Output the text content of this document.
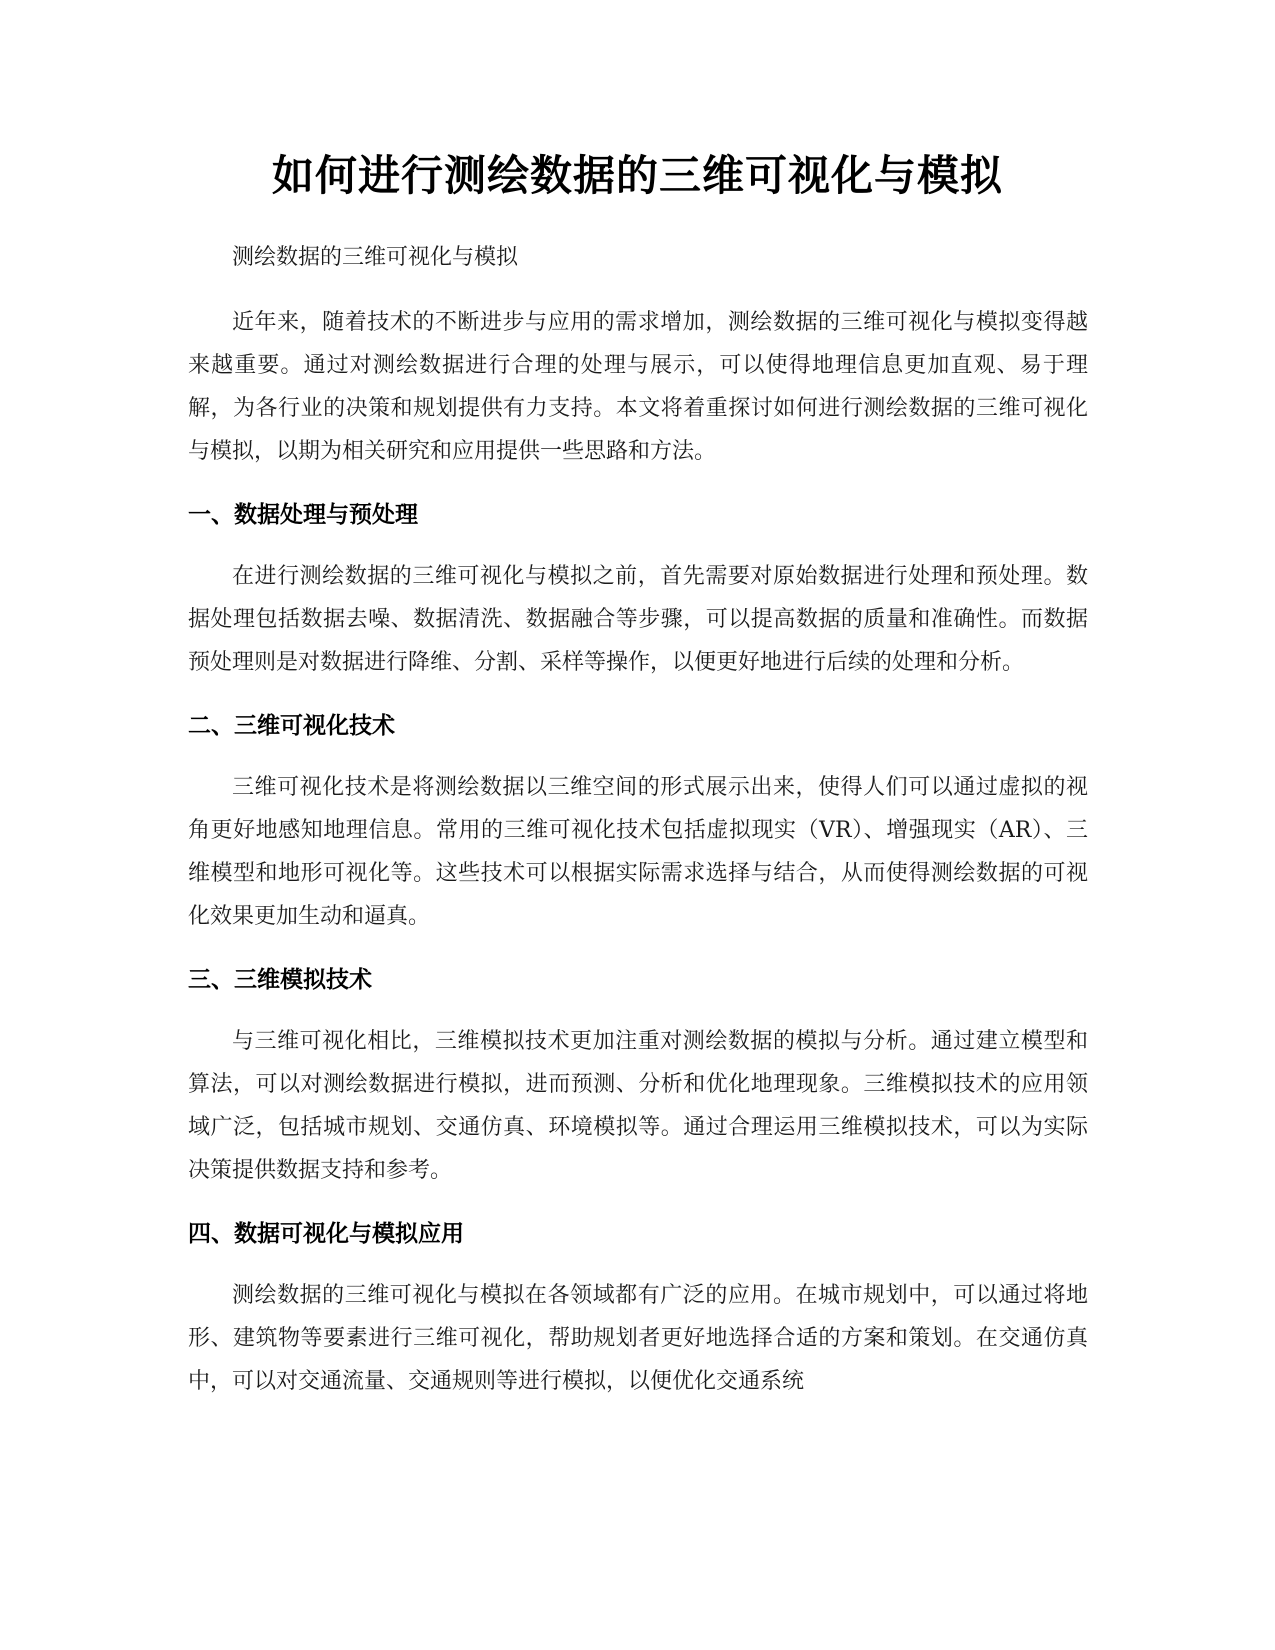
如何进行测绘数据的三维可视化与模拟

测绘数据的三维可视化与模拟

近年来，随着技术的不断进步与应用的需求增加，测绘数据的三维可视化与模拟变得越来越重要。通过对测绘数据进行合理的处理与展示，可以使得地理信息更加直观、易于理解，为各行业的决策和规划提供有力支持。本文将着重探讨如何进行测绘数据的三维可视化与模拟，以期为相关研究和应用提供一些思路和方法。

一、数据处理与预处理

在进行测绘数据的三维可视化与模拟之前，首先需要对原始数据进行处理和预处理。数据处理包括数据去噪、数据清洗、数据融合等步骤，可以提高数据的质量和准确性。而数据预处理则是对数据进行降维、分割、采样等操作，以便更好地进行后续的处理和分析。

二、三维可视化技术

三维可视化技术是将测绘数据以三维空间的形式展示出来，使得人们可以通过虚拟的视角更好地感知地理信息。常用的三维可视化技术包括虚拟现实（VR）、增强现实（AR）、三维模型和地形可视化等。这些技术可以根据实际需求选择与结合，从而使得测绘数据的可视化效果更加生动和逼真。

三、三维模拟技术

与三维可视化相比，三维模拟技术更加注重对测绘数据的模拟与分析。通过建立模型和算法，可以对测绘数据进行模拟，进而预测、分析和优化地理现象。三维模拟技术的应用领域广泛，包括城市规划、交通仿真、环境模拟等。通过合理运用三维模拟技术，可以为实际决策提供数据支持和参考。

四、数据可视化与模拟应用

测绘数据的三维可视化与模拟在各领域都有广泛的应用。在城市规划中，可以通过将地形、建筑物等要素进行三维可视化，帮助规划者更好地选择合适的方案和策划。在交通仿真中，可以对交通流量、交通规则等进行模拟，以便优化交通系统
